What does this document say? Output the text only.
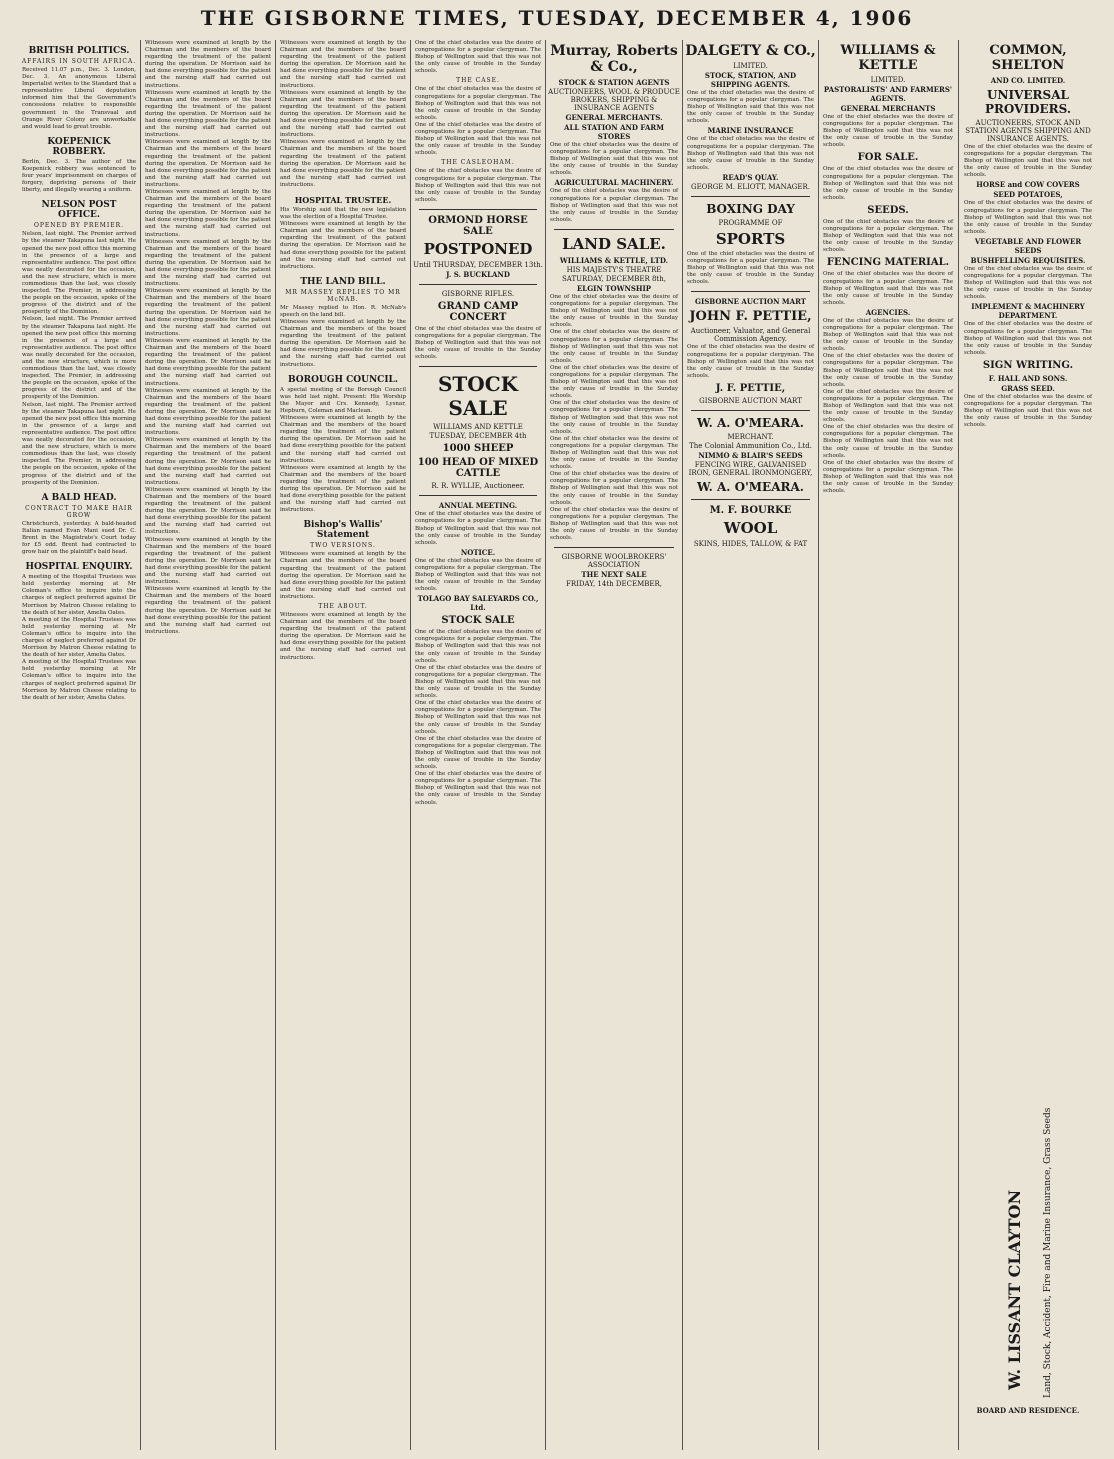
THE GISBORNE TIMES, TUESDAY, DECEMBER 4, 1906
BRITISH POLITICS.
AFFAIRS IN SOUTH AFRICA.

Received 11.07 p.m., Dec. 3. London, Dec. 3. An anonymous Liberal Imperialist writes to the Standard that a representative Liberal deputation informed him that the Government's concessions relative to responsible government in the Transvaal and Orange River Colony are unworkable and would lead to great trouble.

KOEPENICK ROBBERY.

Berlin, Dec. 3. The author of the Koepenick robbery was sentenced to four years' imprisonment on charges of forgery, depriving persons of their liberty, and illegally wearing a uniform.

NELSON POST OFFICE.
OPENED BY PREMIER.

Nelson, last night. The Premier arrived by the steamer Takapuna last night. He opened the new post office this morning in the presence of a large and representative audience. The post office was neatly decorated for the occasion, and the new structure, which is more commodious than the last, was closely inspected. The Premier, in addressing the people on the occasion, spoke of the progress of the district and of the prosperity of the Dominion.

Nelson, last night. The Premier arrived by the steamer Takapuna last night. He opened the new post office this morning in the presence of a large and representative audience. The post office was neatly decorated for the occasion, and the new structure, which is more commodious than the last, was closely inspected. The Premier, in addressing the people on the occasion, spoke of the progress of the district and of the prosperity of the Dominion.

Nelson, last night. The Premier arrived by the steamer Takapuna last night. He opened the new post office this morning in the presence of a large and representative audience. The post office was neatly decorated for the occasion, and the new structure, which is more commodious than the last, was closely inspected. The Premier, in addressing the people on the occasion, spoke of the progress of the district and of the prosperity of the Dominion.

A BALD HEAD.
CONTRACT TO MAKE HAIR GROW

Christchurch, yesterday. A bald-headed Italian named Evan Mani sued Dr. C. Brent in the Magistrate's Court today for £5 odd. Brent had contracted to grow hair on the plaintiff's bald head.

HOSPITAL ENQUIRY.

A meeting of the Hospital Trustees was held yesterday morning at Mr Coleman's office to inquire into the charges of neglect preferred against Dr Morrison by Matron Cheese relating to the death of her sister, Amelia Oates.

A meeting of the Hospital Trustees was held yesterday morning at Mr Coleman's office to inquire into the charges of neglect preferred against Dr Morrison by Matron Cheese relating to the death of her sister, Amelia Oates.

A meeting of the Hospital Trustees was held yesterday morning at Mr Coleman's office to inquire into the charges of neglect preferred against Dr Morrison by Matron Cheese relating to the death of her sister, Amelia Oates.

Witnesses were examined at length by the Chairman and the members of the board regarding the treatment of the patient during the operation. Dr Morrison said he had done everything possible for the patient and the nursing staff had carried out instructions.

Witnesses were examined at length by the Chairman and the members of the board regarding the treatment of the patient during the operation. Dr Morrison said he had done everything possible for the patient and the nursing staff had carried out instructions.

Witnesses were examined at length by the Chairman and the members of the board regarding the treatment of the patient during the operation. Dr Morrison said he had done everything possible for the patient and the nursing staff had carried out instructions.

Witnesses were examined at length by the Chairman and the members of the board regarding the treatment of the patient during the operation. Dr Morrison said he had done everything possible for the patient and the nursing staff had carried out instructions.

Witnesses were examined at length by the Chairman and the members of the board regarding the treatment of the patient during the operation. Dr Morrison said he had done everything possible for the patient and the nursing staff had carried out instructions.

Witnesses were examined at length by the Chairman and the members of the board regarding the treatment of the patient during the operation. Dr Morrison said he had done everything possible for the patient and the nursing staff had carried out instructions.

Witnesses were examined at length by the Chairman and the members of the board regarding the treatment of the patient during the operation. Dr Morrison said he had done everything possible for the patient and the nursing staff had carried out instructions.

Witnesses were examined at length by the Chairman and the members of the board regarding the treatment of the patient during the operation. Dr Morrison said he had done everything possible for the patient and the nursing staff had carried out instructions.

Witnesses were examined at length by the Chairman and the members of the board regarding the treatment of the patient during the operation. Dr Morrison said he had done everything possible for the patient and the nursing staff had carried out instructions.

Witnesses were examined at length by the Chairman and the members of the board regarding the treatment of the patient during the operation. Dr Morrison said he had done everything possible for the patient and the nursing staff had carried out instructions.

Witnesses were examined at length by the Chairman and the members of the board regarding the treatment of the patient during the operation. Dr Morrison said he had done everything possible for the patient and the nursing staff had carried out instructions.

Witnesses were examined at length by the Chairman and the members of the board regarding the treatment of the patient during the operation. Dr Morrison said he had done everything possible for the patient and the nursing staff had carried out instructions.

Witnesses were examined at length by the Chairman and the members of the board regarding the treatment of the patient during the operation. Dr Morrison said he had done everything possible for the patient and the nursing staff had carried out instructions.

Witnesses were examined at length by the Chairman and the members of the board regarding the treatment of the patient during the operation. Dr Morrison said he had done everything possible for the patient and the nursing staff had carried out instructions.

Witnesses were examined at length by the Chairman and the members of the board regarding the treatment of the patient during the operation. Dr Morrison said he had done everything possible for the patient and the nursing staff had carried out instructions.

HOSPITAL TRUSTEE.

His Worship said that the new legislation was the election of a Hospital Trustee.

Witnesses were examined at length by the Chairman and the members of the board regarding the treatment of the patient during the operation. Dr Morrison said he had done everything possible for the patient and the nursing staff had carried out instructions.

THE LAND BILL.
MR MASSEY REPLIES TO MR McNAB.

Mr Massey replied to Hon. R. McNab's speech on the land bill.

Witnesses were examined at length by the Chairman and the members of the board regarding the treatment of the patient during the operation. Dr Morrison said he had done everything possible for the patient and the nursing staff had carried out instructions.

BOROUGH COUNCIL.

A special meeting of the Borough Council was held last night. Present: His Worship the Mayor and Crs. Kennedy, Lysnar, Hepburn, Coleman and Maclean.

Witnesses were examined at length by the Chairman and the members of the board regarding the treatment of the patient during the operation. Dr Morrison said he had done everything possible for the patient and the nursing staff had carried out instructions.

Witnesses were examined at length by the Chairman and the members of the board regarding the treatment of the patient during the operation. Dr Morrison said he had done everything possible for the patient and the nursing staff had carried out instructions.

Bishop's Wallis' Statement
TWO VERSIONS.

Witnesses were examined at length by the Chairman and the members of the board regarding the treatment of the patient during the operation. Dr Morrison said he had done everything possible for the patient and the nursing staff had carried out instructions.

THE ABOUT.

Witnesses were examined at length by the Chairman and the members of the board regarding the treatment of the patient during the operation. Dr Morrison said he had done everything possible for the patient and the nursing staff had carried out instructions.

One of the chief obstacles was the desire of congregations for a popular clergyman. The Bishop of Wellington said that this was not the only cause of trouble in the Sunday schools.

THE CASE.

One of the chief obstacles was the desire of congregations for a popular clergyman. The Bishop of Wellington said that this was not the only cause of trouble in the Sunday schools.

One of the chief obstacles was the desire of congregations for a popular clergyman. The Bishop of Wellington said that this was not the only cause of trouble in the Sunday schools.

THE CASLEOHAM.

One of the chief obstacles was the desire of congregations for a popular clergyman. The Bishop of Wellington said that this was not the only cause of trouble in the Sunday schools.

ORMOND HORSE SALE
POSTPONED
Until THURSDAY, DECEMBER 13th.
J. S. BUCKLAND
GISBORNE RIFLES.
GRAND CAMP CONCERT

One of the chief obstacles was the desire of congregations for a popular clergyman. The Bishop of Wellington said that this was not the only cause of trouble in the Sunday schools.

STOCK SALE
WILLIAMS AND KETTLE
TUESDAY, DECEMBER 4th
1000 SHEEP
100 HEAD OF MIXED CATTLE
R. R. WYLLIE, Auctioneer.
ANNUAL MEETING.

One of the chief obstacles was the desire of congregations for a popular clergyman. The Bishop of Wellington said that this was not the only cause of trouble in the Sunday schools.

NOTICE.

One of the chief obstacles was the desire of congregations for a popular clergyman. The Bishop of Wellington said that this was not the only cause of trouble in the Sunday schools.

TOLAGO BAY SALEYARDS CO., Ltd.
STOCK SALE

One of the chief obstacles was the desire of congregations for a popular clergyman. The Bishop of Wellington said that this was not the only cause of trouble in the Sunday schools.

One of the chief obstacles was the desire of congregations for a popular clergyman. The Bishop of Wellington said that this was not the only cause of trouble in the Sunday schools.

One of the chief obstacles was the desire of congregations for a popular clergyman. The Bishop of Wellington said that this was not the only cause of trouble in the Sunday schools.

One of the chief obstacles was the desire of congregations for a popular clergyman. The Bishop of Wellington said that this was not the only cause of trouble in the Sunday schools.

One of the chief obstacles was the desire of congregations for a popular clergyman. The Bishop of Wellington said that this was not the only cause of trouble in the Sunday schools.

Murray, Roberts & Co.,
STOCK & STATION AGENTS
AUCTIONEERS, WOOL & PRODUCE BROKERS, SHIPPING & INSURANCE AGENTS
GENERAL MERCHANTS.
ALL STATION AND FARM STORES

One of the chief obstacles was the desire of congregations for a popular clergyman. The Bishop of Wellington said that this was not the only cause of trouble in the Sunday schools.

AGRICULTURAL MACHINERY.

One of the chief obstacles was the desire of congregations for a popular clergyman. The Bishop of Wellington said that this was not the only cause of trouble in the Sunday schools.

LAND SALE.
WILLIAMS & KETTLE, LTD.
HIS MAJESTY'S THEATRE
SATURDAY, DECEMBER 8th,
ELGIN TOWNSHIP

One of the chief obstacles was the desire of congregations for a popular clergyman. The Bishop of Wellington said that this was not the only cause of trouble in the Sunday schools.

One of the chief obstacles was the desire of congregations for a popular clergyman. The Bishop of Wellington said that this was not the only cause of trouble in the Sunday schools.

One of the chief obstacles was the desire of congregations for a popular clergyman. The Bishop of Wellington said that this was not the only cause of trouble in the Sunday schools.

One of the chief obstacles was the desire of congregations for a popular clergyman. The Bishop of Wellington said that this was not the only cause of trouble in the Sunday schools.

One of the chief obstacles was the desire of congregations for a popular clergyman. The Bishop of Wellington said that this was not the only cause of trouble in the Sunday schools.

One of the chief obstacles was the desire of congregations for a popular clergyman. The Bishop of Wellington said that this was not the only cause of trouble in the Sunday schools.

One of the chief obstacles was the desire of congregations for a popular clergyman. The Bishop of Wellington said that this was not the only cause of trouble in the Sunday schools.

GISBORNE WOOLBROKERS' ASSOCIATION
THE NEXT SALE
FRIDAY, 14th DECEMBER,
DALGETY & CO.,
LIMITED.
STOCK, STATION, AND SHIPPING AGENTS.

One of the chief obstacles was the desire of congregations for a popular clergyman. The Bishop of Wellington said that this was not the only cause of trouble in the Sunday schools.

MARINE INSURANCE

One of the chief obstacles was the desire of congregations for a popular clergyman. The Bishop of Wellington said that this was not the only cause of trouble in the Sunday schools.

READ'S QUAY.
GEORGE M. ELIOTT, MANAGER.
BOXING DAY
PROGRAMME OF
SPORTS

One of the chief obstacles was the desire of congregations for a popular clergyman. The Bishop of Wellington said that this was not the only cause of trouble in the Sunday schools.

GISBORNE AUCTION MART
JOHN F. PETTIE,
Auctioneer, Valuator, and General Commission Agency.

One of the chief obstacles was the desire of congregations for a popular clergyman. The Bishop of Wellington said that this was not the only cause of trouble in the Sunday schools.

J. F. PETTIE,
GISBORNE AUCTION MART
W. A. O'MEARA.
MERCHANT.
The Colonial Ammunition Co., Ltd.
NIMMO & BLAIR'S SEEDS
FENCING WIRE, GALVANISED IRON, GENERAL IRONMONGERY,
W. A. O'MEARA.
M. F. BOURKE
WOOL
SKINS, HIDES, TALLOW, & FAT
WILLIAMS & KETTLE
LIMITED.
PASTORALISTS' AND FARMERS' AGENTS.
GENERAL MERCHANTS

One of the chief obstacles was the desire of congregations for a popular clergyman. The Bishop of Wellington said that this was not the only cause of trouble in the Sunday schools.

FOR SALE.

One of the chief obstacles was the desire of congregations for a popular clergyman. The Bishop of Wellington said that this was not the only cause of trouble in the Sunday schools.

SEEDS.

One of the chief obstacles was the desire of congregations for a popular clergyman. The Bishop of Wellington said that this was not the only cause of trouble in the Sunday schools.

FENCING MATERIAL.

One of the chief obstacles was the desire of congregations for a popular clergyman. The Bishop of Wellington said that this was not the only cause of trouble in the Sunday schools.

AGENCIES.

One of the chief obstacles was the desire of congregations for a popular clergyman. The Bishop of Wellington said that this was not the only cause of trouble in the Sunday schools.

One of the chief obstacles was the desire of congregations for a popular clergyman. The Bishop of Wellington said that this was not the only cause of trouble in the Sunday schools.

One of the chief obstacles was the desire of congregations for a popular clergyman. The Bishop of Wellington said that this was not the only cause of trouble in the Sunday schools.

One of the chief obstacles was the desire of congregations for a popular clergyman. The Bishop of Wellington said that this was not the only cause of trouble in the Sunday schools.

One of the chief obstacles was the desire of congregations for a popular clergyman. The Bishop of Wellington said that this was not the only cause of trouble in the Sunday schools.

COMMON, SHELTON
AND CO. LIMITED.
UNIVERSAL PROVIDERS.
AUCTIONEERS, STOCK AND STATION AGENTS SHIPPING AND INSURANCE AGENTS.

One of the chief obstacles was the desire of congregations for a popular clergyman. The Bishop of Wellington said that this was not the only cause of trouble in the Sunday schools.

HORSE and COW COVERS
SEED POTATOES,

One of the chief obstacles was the desire of congregations for a popular clergyman. The Bishop of Wellington said that this was not the only cause of trouble in the Sunday schools.

VEGETABLE AND FLOWER SEEDS
BUSHFELLING REQUISITES.

One of the chief obstacles was the desire of congregations for a popular clergyman. The Bishop of Wellington said that this was not the only cause of trouble in the Sunday schools.

IMPLEMENT & MACHINERY DEPARTMENT.

One of the chief obstacles was the desire of congregations for a popular clergyman. The Bishop of Wellington said that this was not the only cause of trouble in the Sunday schools.

SIGN WRITING.
F. HALL AND SONS.
GRASS SEED.

One of the chief obstacles was the desire of congregations for a popular clergyman. The Bishop of Wellington said that this was not the only cause of trouble in the Sunday schools.

W. LISSANT CLAYTON Land, Stock, Accident, Fire and Marine Insurance, Grass Seeds
BOARD AND RESIDENCE.
